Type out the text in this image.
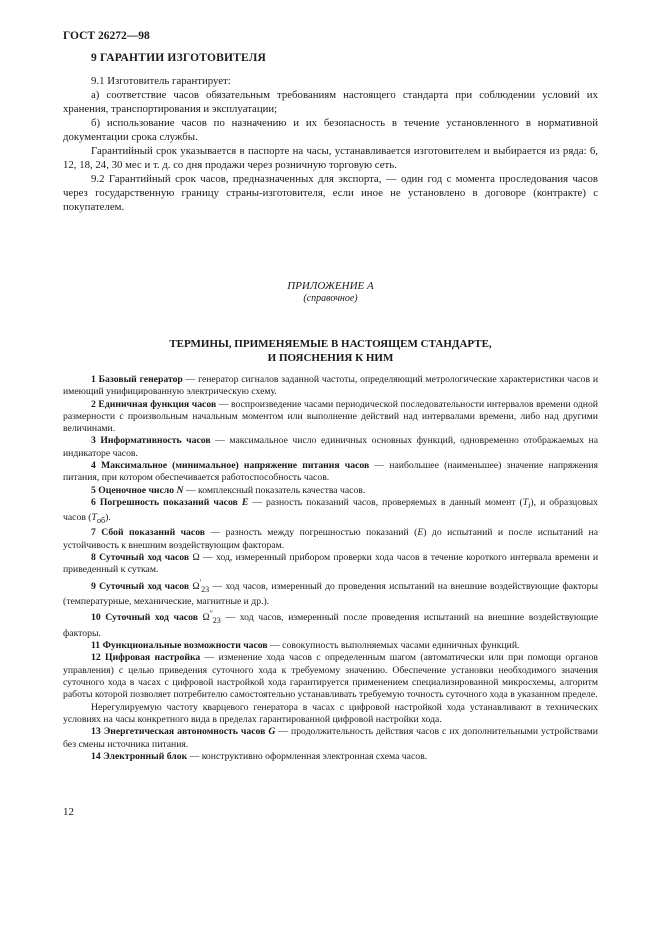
ГОСТ 26272—98

9 ГАРАНТИИ ИЗГОТОВИТЕЛЯ

9.1 Изготовитель гарантирует:

а) соответствие часов обязательным требованиям настоящего стандарта при соблюдении условий их хранения, транспортирования и эксплуатации;

б) использование часов по назначению и их безопасность в течение установленного в нормативной документации срока службы.

Гарантийный срок указывается в паспорте на часы, устанавливается изготовителем и выбирается из ряда: 6, 12, 18, 24, 30 мес и т. д. со дня продажи через розничную торговую сеть.

9.2 Гарантийный срок часов, предназначенных для экспорта, — один год с момента проследования часов через государственную границу страны-изготовителя, если иное не установлено в договоре (контракте) с покупателем.

ПРИЛОЖЕНИЕ А
(справочное)
ТЕРМИНЫ, ПРИМЕНЯЕМЫЕ В НАСТОЯЩЕМ СТАНДАРТЕ,
И ПОЯСНЕНИЯ К НИМ

1 Базовый генератор — генератор сигналов заданной частоты, определяющий метрологические характеристики часов и имеющий унифицированную электрическую схему.

2 Единичная функция часов — воспроизведение часами периодической последовательности интервалов времени одной размерности с произвольным начальным моментом или выполнение действий над интервалами времени, либо над другими величинами.

3 Информативность часов — максимальное число единичных основных функций, одновременно отображаемых на индикаторе часов.

4 Максимальное (минимальное) напряжение питания часов — наибольшее (наименьшее) значение напряжения питания, при котором обеспечивается работоспособность часов.

5 Оценочное число N — комплексный показатель качества часов.

6 Погрешность показаний часов E — разность показаний часов, проверяемых в данный момент $(T_i)$, и образцовых часов $(T_{об})$.

7 Сбой показаний часов — разность между погрешностью показаний (E) до испытаний и после испытаний на устойчивость к внешним воздействующим факторам.

8 Суточный ход часов Ω — ход, измеренный прибором проверки хода часов в течение короткого интервала времени и приведенный к суткам.

9 Суточный ход часов $\Omega'_{23}$ — ход часов, измеренный до проведения испытаний на внешние воздействующие факторы (температурные, механические, магнитные и др.).

10 Суточный ход часов $\Omega''_{23}$ — ход часов, измеренный после проведения испытаний на внешние воздействующие факторы.

11 Функциональные возможности часов — совокупность выполняемых часами единичных функций.

12 Цифровая настройка — изменение хода часов с определенным шагом (автоматически или при помощи органов управления) с целью приведения суточного хода к требуемому значению. Обеспечение установки необходимого значения суточного хода в часах с цифровой настройкой хода гарантируется применением специализированной микросхемы, алгоритм работы которой позволяет потребителю самостоятельно устанавливать требуемую точность суточного хода в указанном пределе.

Нерегулируемую частоту кварцевого генератора в часах с цифровой настройкой хода устанавливают в технических условиях на часы конкретного вида в пределах гарантированной цифровой настройки хода.

13 Энергетическая автономность часов G — продолжительность действия часов с их дополнительными устройствами без смены источника питания.

14 Электронный блок — конструктивно оформленная электронная схема часов.

12
